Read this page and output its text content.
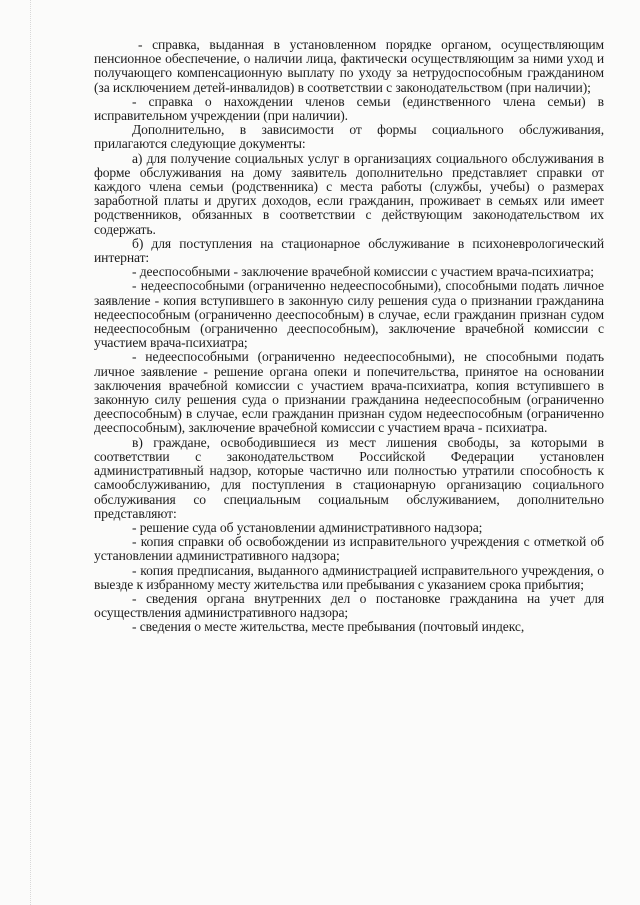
- справка, выданная в установленном порядке органом, осуществляющим пенсионное обеспечение, о наличии лица, фактически осуществляющим за ними уход и получающего компенсационную выплату по уходу за нетрудоспособным гражданином (за исключением детей-инвалидов) в соответствии с законодательством (при наличии);

- справка о нахождении членов семьи (единственного члена семьи) в исправительном учреждении (при наличии).

Дополнительно, в зависимости от формы социального обслуживания, прилагаются следующие документы:

а) для получение социальных услуг в организациях социального обслуживания в форме обслуживания на дому заявитель дополнительно представляет справки от каждого члена семьи (родственника) с места работы (службы, учебы) о размерах заработной платы и других доходов, если гражданин, проживает в семьях или имеет родственников, обязанных в соответствии с действующим законодательством их содержать.

б) для поступления на стационарное обслуживание в психоневрологический интернат:

- дееспособными - заключение врачебной комиссии с участием врача-психиатра;

- недееспособными (ограниченно недееспособными), способными подать личное заявление - копия вступившего в законную силу решения суда о признании гражданина недееспособным (ограниченно дееспособным) в случае, если гражданин признан судом недееспособным (ограниченно дееспособным), заключение врачебной комиссии с участием врача-психиатра;

- недееспособными (ограниченно недееспособными), не способными подать личное заявление - решение органа опеки и попечительства, принятое на основании заключения врачебной комиссии с участием врача-психиатра, копия вступившего в законную силу решения суда о признании гражданина недееспособным (ограниченно дееспособным) в случае, если гражданин признан судом недееспособным (ограниченно дееспособным), заключение врачебной комиссии с участием врача - психиатра.

в) граждане, освободившиеся из мест лишения свободы, за которыми в соответствии с законодательством Российской Федерации установлен административный надзор, которые частично или полностью утратили способность к самообслуживанию, для поступления в стационарную организацию социального обслуживания со специальным социальным обслуживанием, дополнительно представляют:

- решение суда об установлении административного надзора;

- копия справки об освобождении из исправительного учреждения с отметкой об установлении административного надзора;

- копия предписания, выданного администрацией исправительного учреждения, о выезде к избранному месту жительства или пребывания с указанием срока прибытия;

- сведения органа внутренних дел о постановке гражданина на учет для осуществления административного надзора;

- сведения о месте жительства, месте пребывания (почтовый индекс,
